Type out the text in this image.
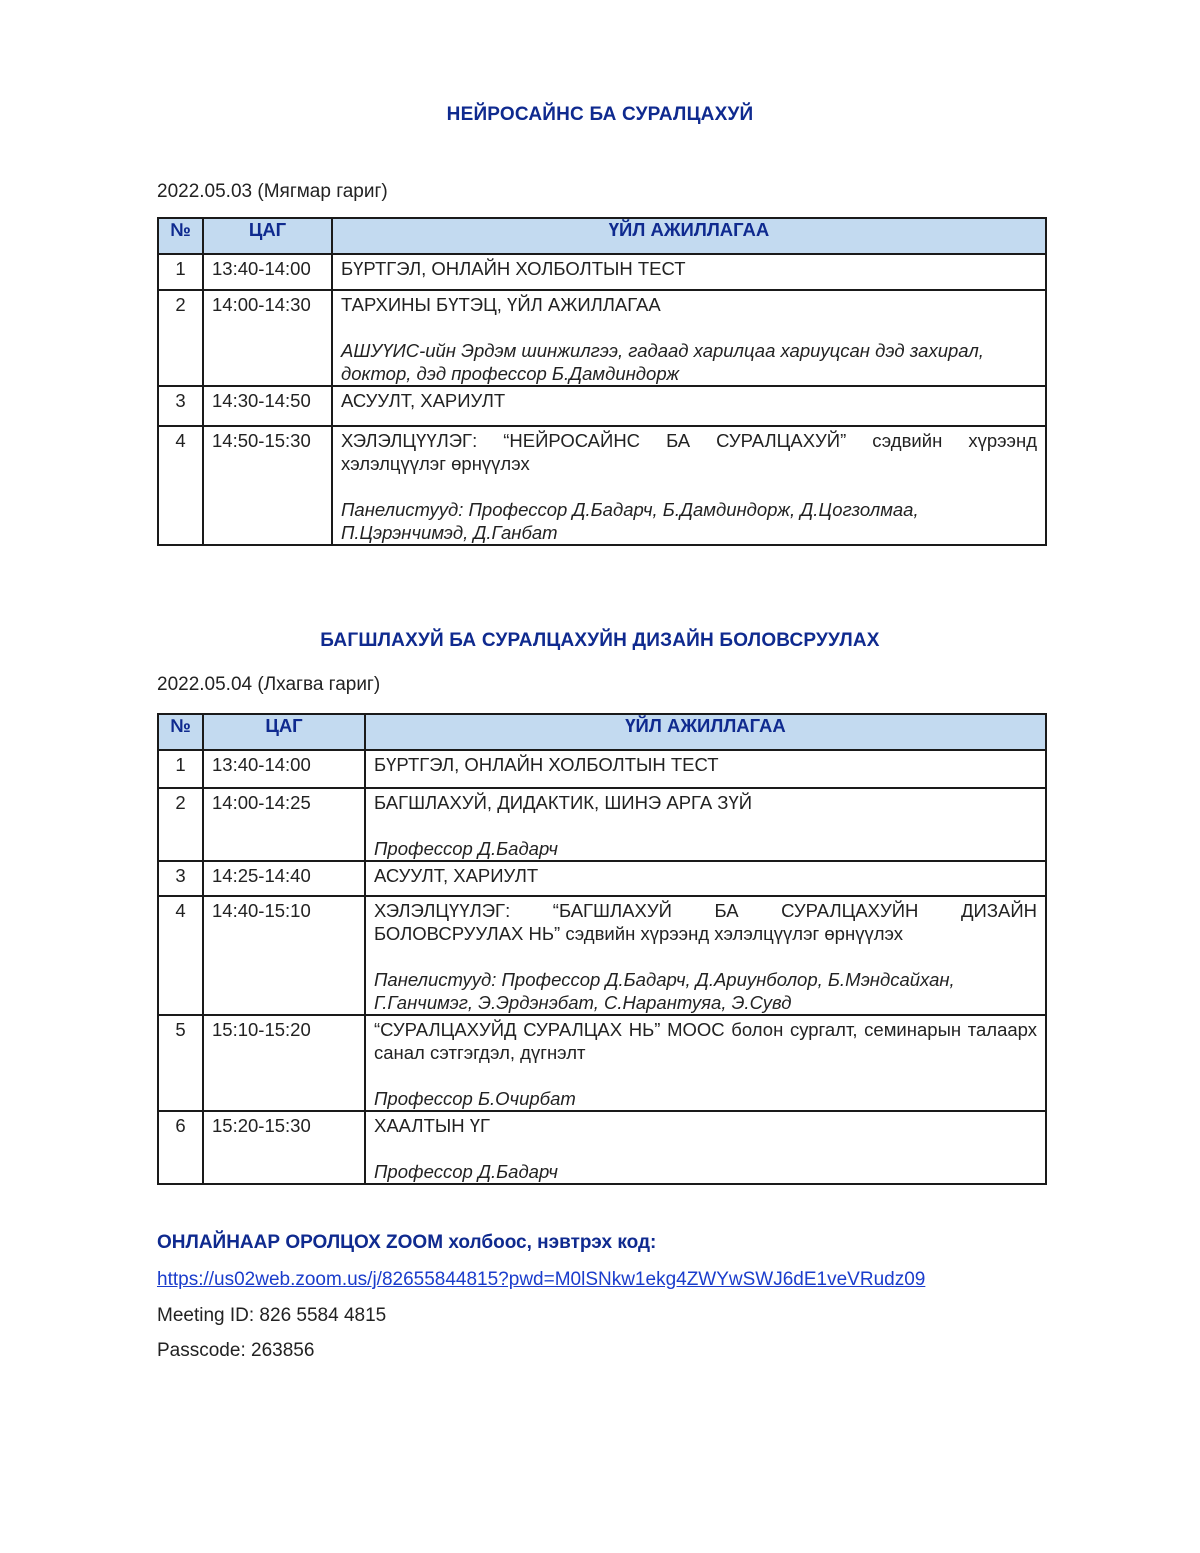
НЕЙРОСАЙНС БА СУРАЛЦАХУЙ
2022.05.03 (Мягмар гариг)
№	ЦАГ	ҮЙЛ АЖИЛЛАГАА
1	13:40-14:00	БҮРТГЭЛ, ОНЛАЙН ХОЛБОЛТЫН ТЕСТ

2	14:00-14:30	ТАРХИНЫ БҮТЭЦ, ҮЙЛ АЖИЛЛАГАА
АШУҮИС-ийн Эрдэм шинжилгээ, гадаад харилцаа хариуцсан дэд захирал, доктор, дэд профессор Б.Дамдиндорж

3	14:30-14:50	АСУУЛТ, ХАРИУЛТ

4	14:50-15:30	ХЭЛЭЛЦҮҮЛЭГ: “НЕЙРОСАЙНС БА СУРАЛЦАХУЙ” сэдвийн хүрээнд хэлэлцүүлэг өрнүүлэх
Панелистууд: Профессор Д.Бадарч, Б.Дамдиндорж, Д.Цогзолмаа, П.Цэрэнчимэд, Д.Ганбат
БАГШЛАХУЙ БА СУРАЛЦАХУЙН ДИЗАЙН БОЛОВСРУУЛАХ
2022.05.04 (Лхагва гариг)
№	ЦАГ	ҮЙЛ АЖИЛЛАГАА
1	13:40-14:00	БҮРТГЭЛ, ОНЛАЙН ХОЛБОЛТЫН ТЕСТ

2	14:00-14:25	БАГШЛАХУЙ, ДИДАКТИК, ШИНЭ АРГА ЗҮЙ
Профессор Д.Бадарч

3	14:25-14:40	АСУУЛТ, ХАРИУЛТ

4	14:40-15:10	ХЭЛЭЛЦҮҮЛЭГ: “БАГШЛАХУЙ БА СУРАЛЦАХУЙН ДИЗАЙН БОЛОВСРУУЛАХ НЬ” сэдвийн хүрээнд хэлэлцүүлэг өрнүүлэх
Панелистууд: Профессор Д.Бадарч, Д.Ариунболор, Б.Мэндсайхан, Г.Ганчимэг, Э.Эрдэнэбат, С.Нарантуяа, Э.Сувд

5	15:10-15:20	“СУРАЛЦАХУЙД СУРАЛЦАХ НЬ” МООС болон сургалт, семинарын талаарх санал сэтгэгдэл, дүгнэлт
Профессор Б.Очирбат

6	15:20-15:30	ХААЛТЫН ҮГ
Профессор Д.Бадарч
ОНЛАЙНААР ОРОЛЦОХ ZOOM холбоос, нэвтрэх код:
https://us02web.zoom.us/j/82655844815?pwd=M0lSNkw1ekg4ZWYwSWJ6dE1veVRudz09
Meeting ID: 826 5584 4815
Passcode: 263856
